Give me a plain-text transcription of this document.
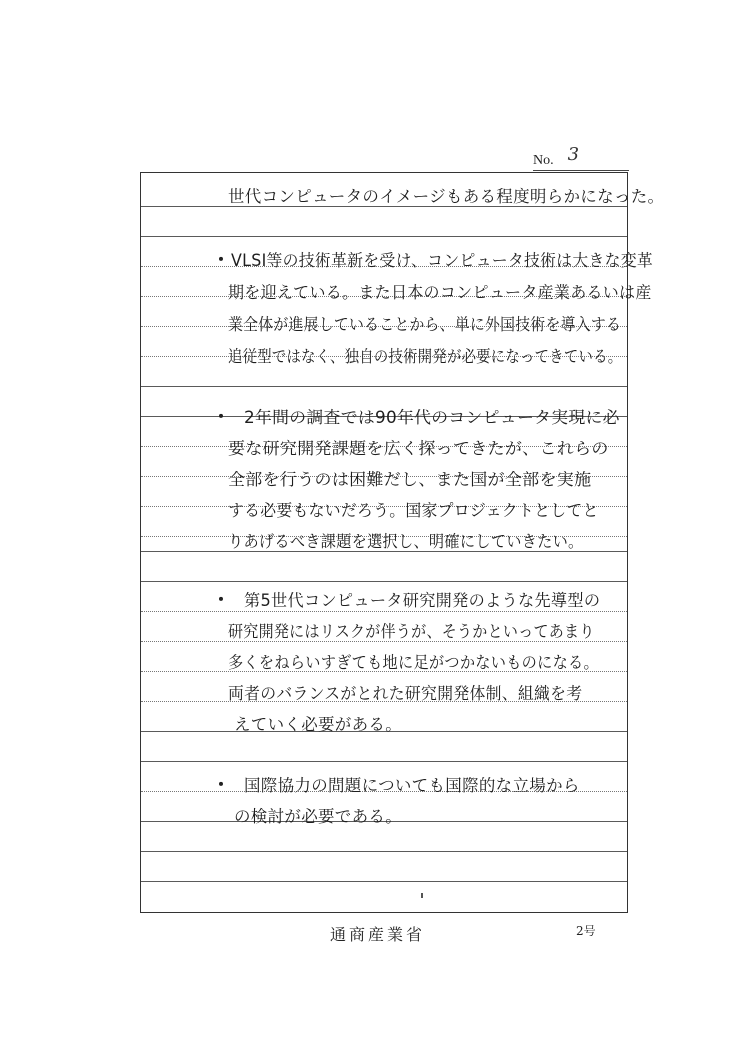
No. 3
世代コンピュータのイメージもある程度明らかになった。
・ VLSI等の技術革新を受け、コンピュータ技術は大きな変革
期を迎えている。また日本のコンピュータ産業あるいは産
業全体が進展していることから、単に外国技術を導入する
追従型ではなく、独自の技術開発が必要になってきている。
・ 2年間の調査では90年代のコンピュータ実現に必
要な研究開発課題を広く探ってきたが、これらの
全部を行うのは困難だし、また国が全部を実施
する必要もないだろう。国家プロジェクトとしてと
りあげるべき課題を選択し、明確にしていきたい。
・ 第5世代コンピュータ研究開発のような先導型の
研究開発にはリスクが伴うが、そうかといってあまり
多くをねらいすぎても地に足がつかないものになる。
両者のバランスがとれた研究開発体制、組織を考
えていく必要がある。
・ 国際協力の問題についても国際的な立場から
の検討が必要である。
通商産業省	2号
